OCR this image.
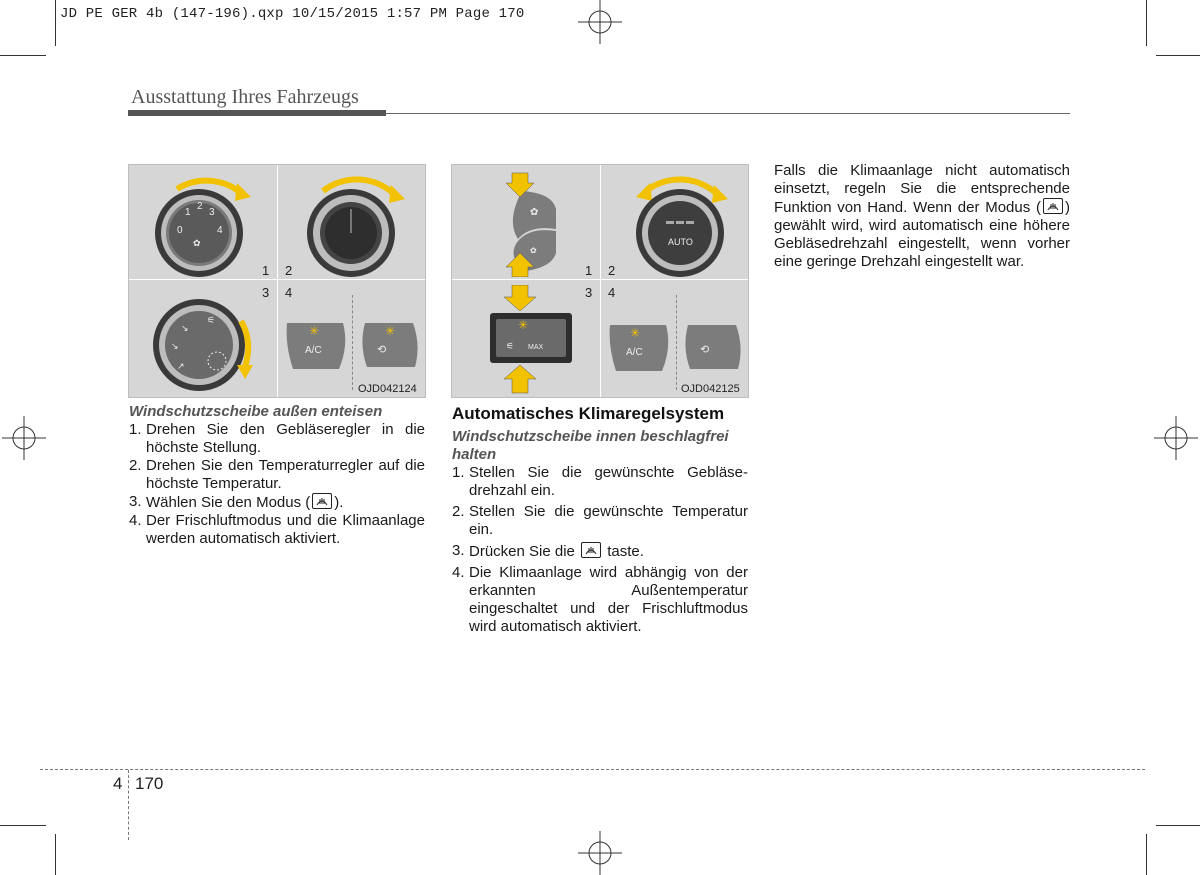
JD PE GER 4b (147-196).qxp 10/15/2015 1:57 PM Page 170
Ausstattung Ihres Fahrzeugs
1 2
3 4
0
1
2
3
4
✿
↘
⚟
↘
↗
A/C
✳	✳
⟲
OJD042124
1 2
3 4
✿
✿
AUTO
✳
⚟ MAX	A/C
✳
⟲
OJD042125
Windschutzscheibe außen enteisen
1. Drehen Sie den Gebläseregler in die höchste Stellung.
2. Drehen Sie den Temperaturregler auf die höchste Temperatur.
3. Wählen Sie den Modus ( ).
4. Der Frischluftmodus und die Klimaanlage werden automatisch aktiviert.
Automatisches Klimaregelsystem
Windschutzscheibe innen beschlagfrei halten
1. Stellen Sie die gewünschte Gebläse-drehzahl ein.
2. Stellen Sie die gewünschte Temperatur ein.
3. Drücken Sie die taste.
4. Die Klimaanlage wird abhängig von der erkannten Außentemperatur eingeschaltet und der Frischluftmodus wird automatisch aktiviert.
Falls die Klimaanlage nicht automatisch einsetzt, regeln Sie die entsprechende Funktion von Hand. Wenn der Modus ( ) gewählt wird, wird automatisch eine höhere Gebläsedrehzahl eingestellt, wenn vorher eine geringe Drehzahl eingestellt war.
4 170
